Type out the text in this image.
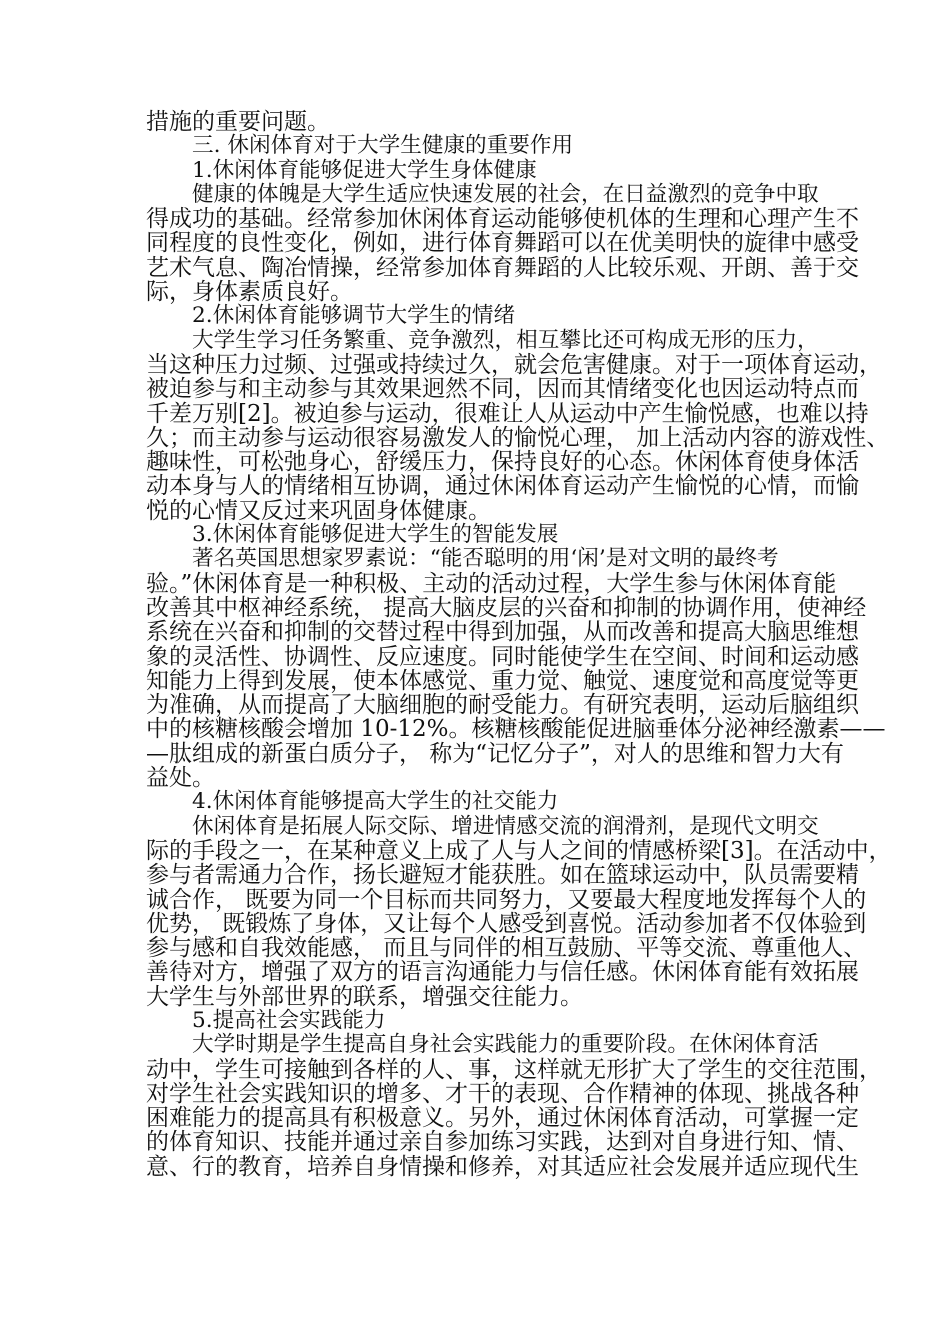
措施的重要问题。
三. 休闲体育对于大学生健康的重要作用
1.休闲体育能够促进大学生身体健康
健康的体魄是大学生适应快速发展的社会，在日益激烈的竞争中取
得成功的基础。经常参加休闲体育运动能够使机体的生理和心理产生不
同程度的良性变化，例如，进行体育舞蹈可以在优美明快的旋律中感受
艺术气息、陶冶情操，经常参加体育舞蹈的人比较乐观、开朗、善于交
际，身体素质良好。
2.休闲体育能够调节大学生的情绪
大学生学习任务繁重、竞争激烈，相互攀比还可构成无形的压力，
当这种压力过频、过强或持续过久，就会危害健康。对于一项体育运动，
被迫参与和主动参与其效果迥然不同，因而其情绪变化也因运动特点而
千差万别[2]。被迫参与运动，很难让人从运动中产生愉悦感，也难以持
久；而主动参与运动很容易激发人的愉悦心理， 加上活动内容的游戏性、
趣味性，可松弛身心，舒缓压力，保持良好的心态。休闲体育使身体活
动本身与人的情绪相互协调，通过休闲体育运动产生愉悦的心情，而愉
悦的心情又反过来巩固身体健康。
3.休闲体育能够促进大学生的智能发展
著名英国思想家罗素说：“能否聪明的用‘闲’是对文明的最终考
验。”休闲体育是一种积极、主动的活动过程，大学生参与休闲体育能
改善其中枢神经系统， 提高大脑皮层的兴奋和抑制的协调作用，使神经
系统在兴奋和抑制的交替过程中得到加强，从而改善和提高大脑思维想
象的灵活性、协调性、反应速度。同时能使学生在空间、时间和运动感
知能力上得到发展，使本体感觉、重力觉、触觉、速度觉和高度觉等更
为准确，从而提高了大脑细胞的耐受能力。有研究表明，运动后脑组织
中的核糖核酸会增加 10-12%。核糖核酸能促进脑垂体分泌神经激素——
—肽组成的新蛋白质分子， 称为“记忆分子”，对人的思维和智力大有
益处。
4.休闲体育能够提高大学生的社交能力
休闲体育是拓展人际交际、增进情感交流的润滑剂，是现代文明交
际的手段之一，在某种意义上成了人与人之间的情感桥梁[3]。在活动中，
参与者需通力合作，扬长避短才能获胜。如在篮球运动中，队员需要精
诚合作， 既要为同一个目标而共同努力，又要最大程度地发挥每个人的
优势， 既锻炼了身体，又让每个人感受到喜悦。活动参加者不仅体验到
参与感和自我效能感， 而且与同伴的相互鼓励、平等交流、尊重他人、
善待对方，增强了双方的语言沟通能力与信任感。休闲体育能有效拓展
大学生与外部世界的联系，增强交往能力。
5.提高社会实践能力
大学时期是学生提高自身社会实践能力的重要阶段。在休闲体育活
动中，学生可接触到各样的人、事，这样就无形扩大了学生的交往范围，
对学生社会实践知识的增多、才干的表现、合作精神的体现、挑战各种
困难能力的提高具有积极意义。另外，通过休闲体育活动，可掌握一定
的体育知识、技能并通过亲自参加练习实践，达到对自身进行知、情、
意、行的教育，培养自身情操和修养，对其适应社会发展并适应现代生
